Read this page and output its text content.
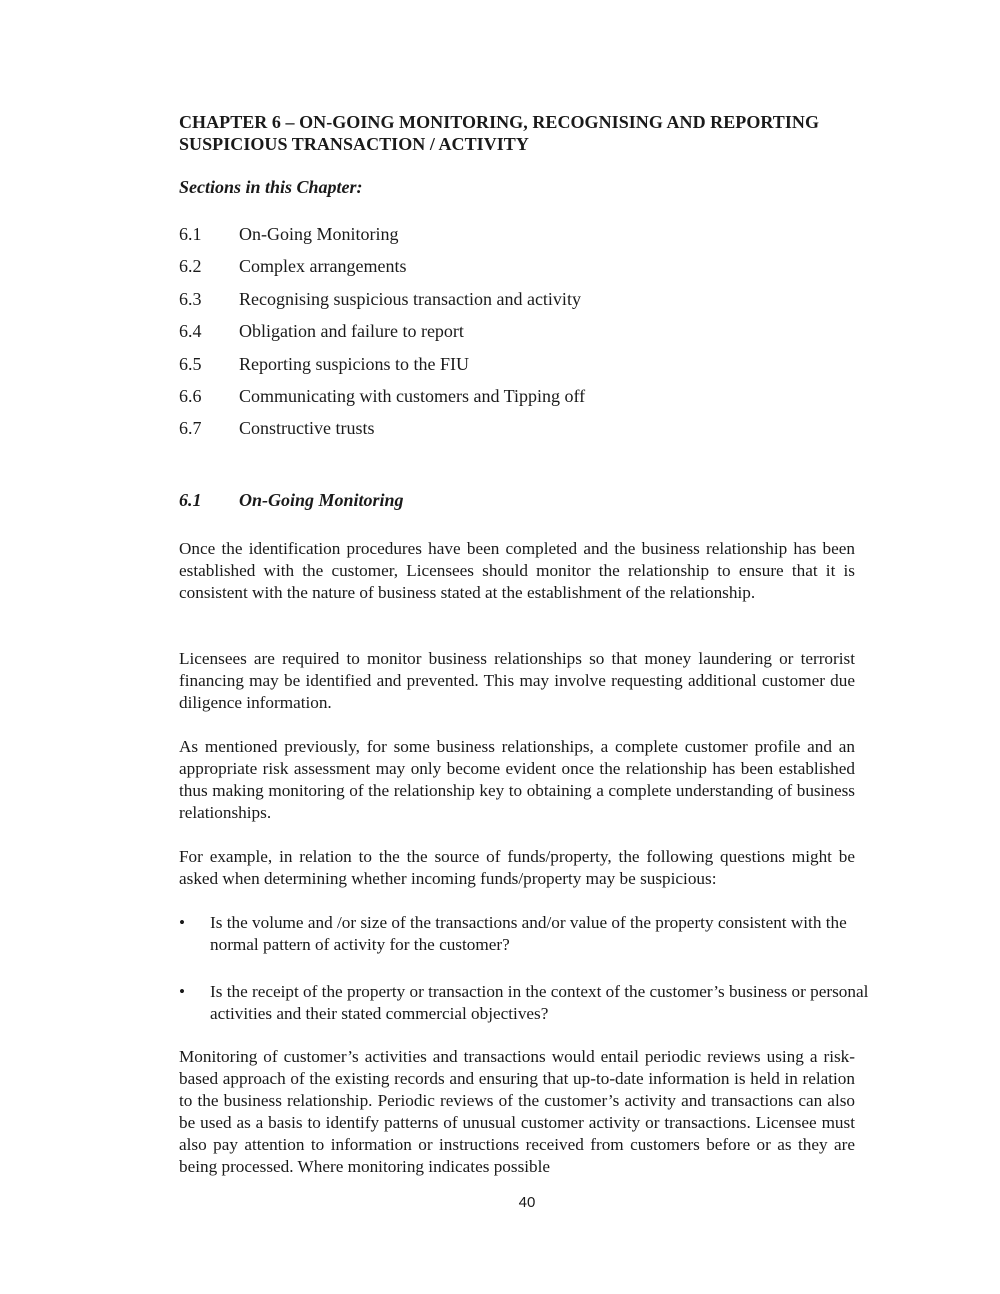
CHAPTER 6 – ON-GOING MONITORING, RECOGNISING AND REPORTING
SUSPICIOUS TRANSACTION / ACTIVITY
Sections in this Chapter:
6.1	On-Going Monitoring
6.2	Complex arrangements
6.3	Recognising suspicious transaction and activity
6.4	Obligation and failure to report
6.5	Reporting suspicions to the FIU
6.6	Communicating with customers and Tipping off
6.7	Constructive trusts
6.1	On-Going Monitoring

Once the identification procedures have been completed and the business relationship has been established with the customer, Licensees should monitor the relationship to ensure that it is consistent with the nature of business stated at the establishment of the relationship.

Licensees are required to monitor business relationships so that money laundering or terrorist financing may be identified and prevented. This may involve requesting additional customer due diligence information.

As mentioned previously, for some business relationships, a complete customer profile and an appropriate risk assessment may only become evident once the relationship has been established thus making monitoring of the relationship key to obtaining a complete understanding of business relationships.

For example, in relation to the the source of funds/property, the following questions might be asked when determining whether incoming funds/property may be suspicious:

•	Is the volume and /or size of the transactions and/or value of the property consistent with the normal pattern of activity for the customer?
•	Is the receipt of the property or transaction in the context of the customer’s business or personal activities and their stated commercial objectives?

Monitoring of customer’s activities and transactions would entail periodic reviews using a risk-based approach of the existing records and ensuring that up-to-date information is held in relation to the business relationship. Periodic reviews of the customer’s activity and transactions can also be used as a basis to identify patterns of unusual customer activity or transactions. Licensee must also pay attention to information or instructions received from customers before or as they are being processed. Where monitoring indicates possible

40
